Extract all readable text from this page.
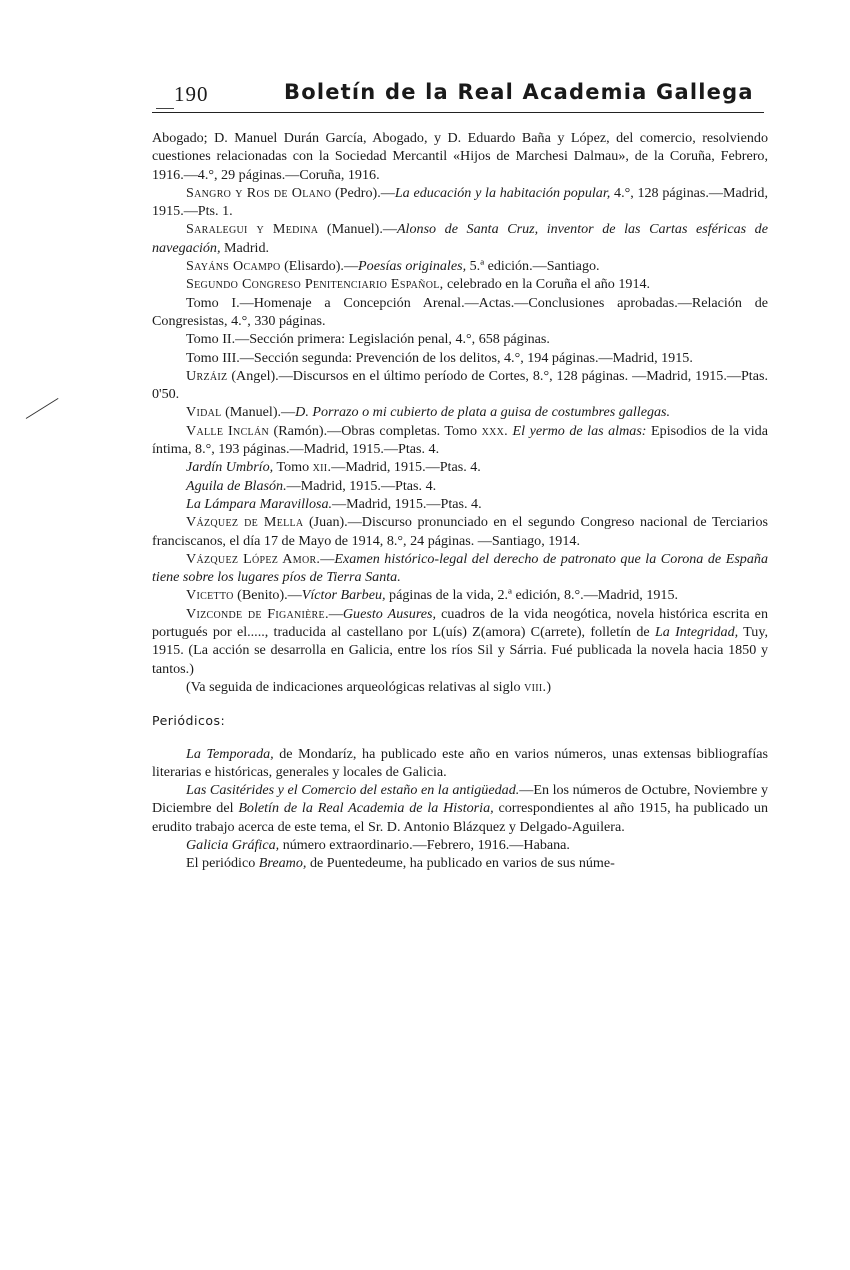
190	Boletín de la Real Academia Gallega

Abogado; D. Manuel Durán García, Abogado, y D. Eduardo Baña y López, del comercio, resolviendo cuestiones relacionadas con la Sociedad Mercantil «Hijos de Marchesi Dalmau», de la Coruña, Febrero, 1916.—4.°, 29 páginas.—Coruña, 1916.

Sangro y Ros de Olano (Pedro).—La educación y la habitación popular, 4.°, 128 páginas.—Madrid, 1915.—Pts. 1.

Saralegui y Medina (Manuel).—Alonso de Santa Cruz, inventor de las Cartas esféricas de navegación, Madrid.

Sayáns Ocampo (Elisardo).—Poesías originales, 5.ª edición.—Santiago.

Segundo Congreso Penitenciario Español, celebrado en la Coruña el año 1914.

Tomo I.—Homenaje a Concepción Arenal.—Actas.—Conclusiones aprobadas.—Relación de Congresistas, 4.°, 330 páginas.

Tomo II.—Sección primera: Legislación penal, 4.°, 658 páginas.

Tomo III.—Sección segunda: Prevención de los delitos, 4.°, 194 páginas.—Madrid, 1915.

Urzáiz (Angel).—Discursos en el último período de Cortes, 8.°, 128 páginas. —Madrid, 1915.—Ptas. 0'50.

Vidal (Manuel).—D. Porrazo o mi cubierto de plata a guisa de costumbres gallegas.

Valle Inclán (Ramón).—Obras completas. Tomo xxx. El yermo de las almas: Episodios de la vida íntima, 8.°, 193 páginas.—Madrid, 1915.—Ptas. 4.

Jardín Umbrío, Tomo xii.—Madrid, 1915.—Ptas. 4.

Aguila de Blasón.—Madrid, 1915.—Ptas. 4.

La Lámpara Maravillosa.—Madrid, 1915.—Ptas. 4.

Vázquez de Mella (Juan).—Discurso pronunciado en el segundo Congreso nacional de Terciarios franciscanos, el día 17 de Mayo de 1914, 8.°, 24 páginas. —Santiago, 1914.

Vázquez López Amor.—Examen histórico-legal del derecho de patronato que la Corona de España tiene sobre los lugares píos de Tierra Santa.

Vicetto (Benito).—Víctor Barbeu, páginas de la vida, 2.ª edición, 8.°.—Madrid, 1915.

Vizconde de Figanière.—Guesto Ausures, cuadros de la vida neogótica, novela histórica escrita en portugués por el....., traducida al castellano por L(uís) Z(amora) C(arrete), folletín de La Integridad, Tuy, 1915. (La acción se desarrolla en Galicia, entre los ríos Sil y Sárria. Fué publicada la novela hacia 1850 y tantos.)

(Va seguida de indicaciones arqueológicas relativas al siglo viii.)

Periódicos:

La Temporada, de Mondaríz, ha publicado este año en varios números, unas extensas bibliografías literarias e históricas, generales y locales de Galicia.

Las Casitérides y el Comercio del estaño en la antigüedad.—En los números de Octubre, Noviembre y Diciembre del Boletín de la Real Academia de la Historia, correspondientes al año 1915, ha publicado un erudito trabajo acerca de este tema, el Sr. D. Antonio Blázquez y Delgado-Aguilera.

Galicia Gráfica, número extraordinario.—Febrero, 1916.—Habana.

El periódico Breamo, de Puentedeume, ha publicado en varios de sus núme-
